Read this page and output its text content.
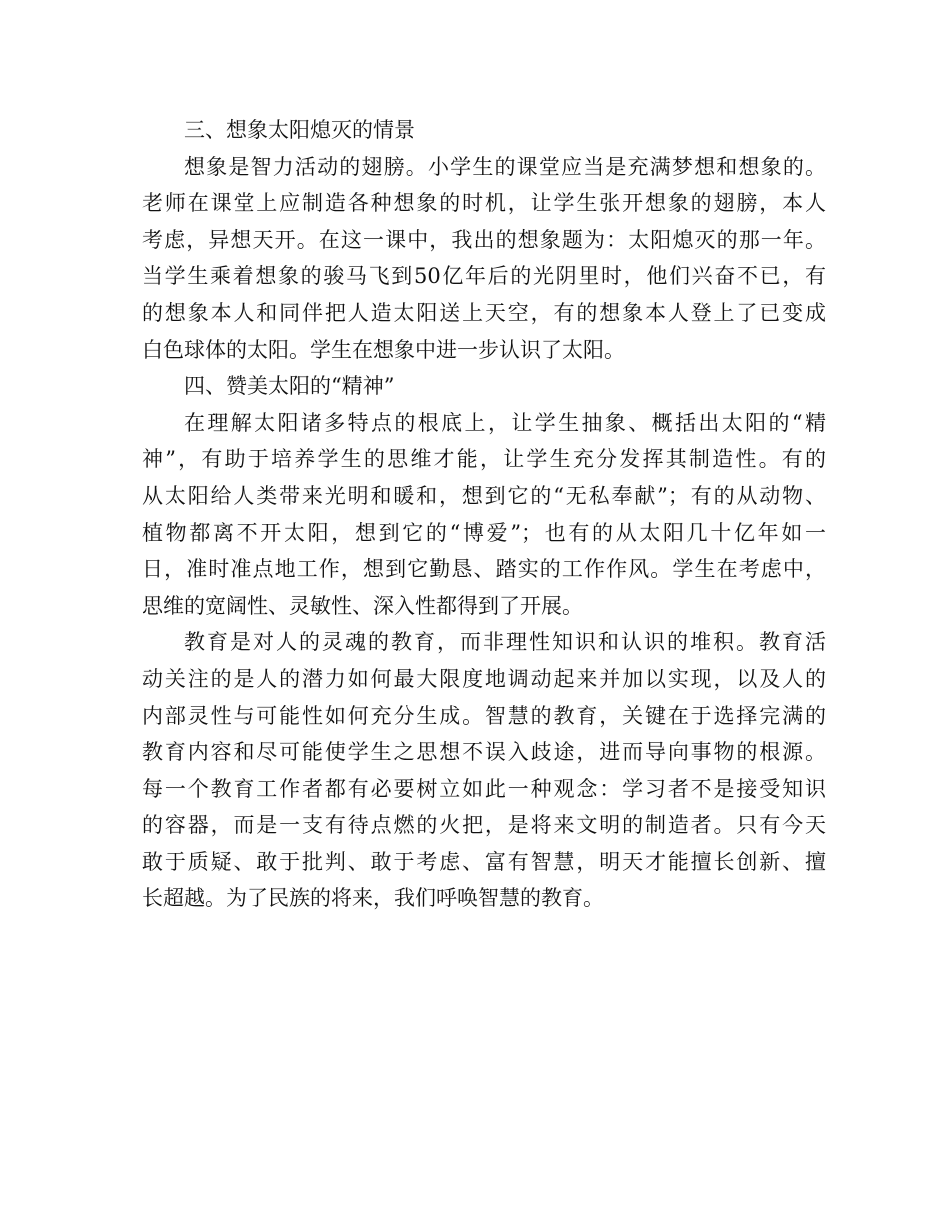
三、想象太阳熄灭的情景
想象是智力活动的翅膀。小学生的课堂应当是充满梦想和想象的。
老师在课堂上应制造各种想象的时机，让学生张开想象的翅膀，本人
考虑，异想天开。在这一课中，我出的想象题为：太阳熄灭的那一年。
当学生乘着想象的骏马飞到50亿年后的光阴里时，他们兴奋不已，有
的想象本人和同伴把人造太阳送上天空，有的想象本人登上了已变成
白色球体的太阳。学生在想象中进一步认识了太阳。
四、赞美太阳的“精神”
在理解太阳诸多特点的根底上，让学生抽象、概括出太阳的“精
神”，有助于培养学生的思维才能，让学生充分发挥其制造性。有的
从太阳给人类带来光明和暖和，想到它的“无私奉献”；有的从动物、
植物都离不开太阳，想到它的“博爱”；也有的从太阳几十亿年如一
日，准时准点地工作，想到它勤恳、踏实的工作作风。学生在考虑中，
思维的宽阔性、灵敏性、深入性都得到了开展。
教育是对人的灵魂的教育，而非理性知识和认识的堆积。教育活
动关注的是人的潜力如何最大限度地调动起来并加以实现，以及人的
内部灵性与可能性如何充分生成。智慧的教育，关键在于选择完满的
教育内容和尽可能使学生之思想不误入歧途，进而导向事物的根源。
每一个教育工作者都有必要树立如此一种观念：学习者不是接受知识
的容器，而是一支有待点燃的火把，是将来文明的制造者。只有今天
敢于质疑、敢于批判、敢于考虑、富有智慧，明天才能擅长创新、擅
长超越。为了民族的将来，我们呼唤智慧的教育。
